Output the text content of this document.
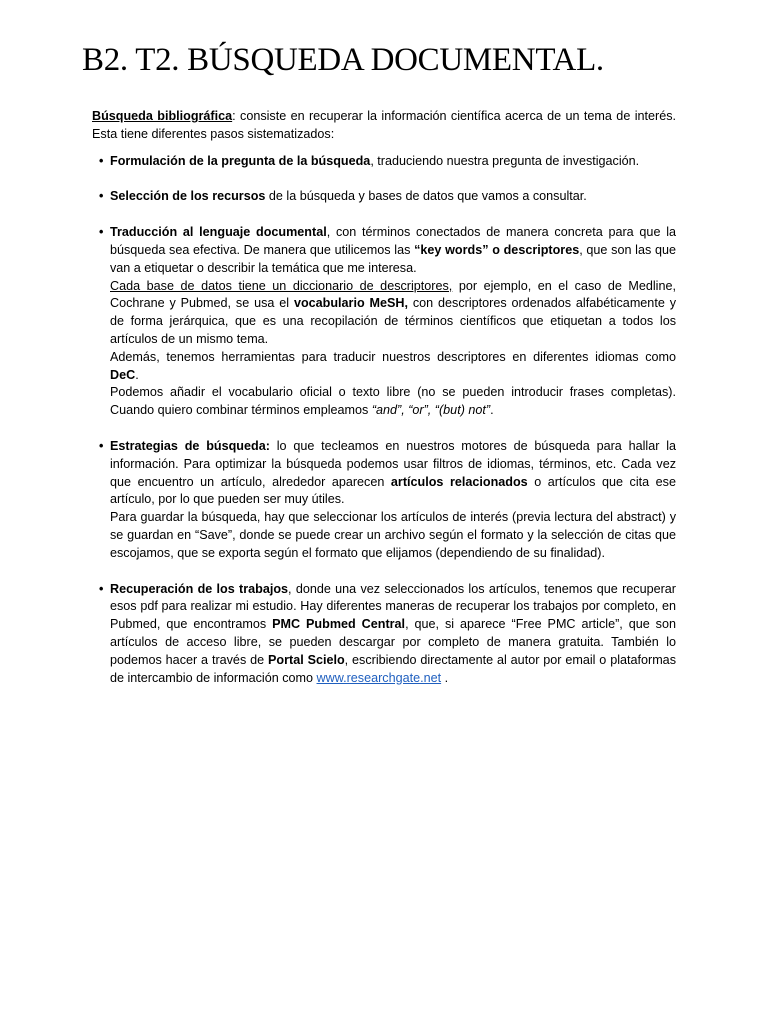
B2. T2. BÚSQUEDA DOCUMENTAL.

Búsqueda bibliográfica: consiste en recuperar la información científica acerca de un tema de interés. Esta tiene diferentes pasos sistematizados:

• Formulación de la pregunta de la búsqueda, traduciendo nuestra pregunta de investigación.

• Selección de los recursos de la búsqueda y bases de datos que vamos a consultar.

• Traducción al lenguaje documental, con términos conectados de manera concreta para que la búsqueda sea efectiva. De manera que utilicemos las “key words” o descriptores, que son las que van a etiquetar o describir la temática que me interesa.

Cada base de datos tiene un diccionario de descriptores, por ejemplo, en el caso de Medline, Cochrane y Pubmed, se usa el vocabulario MeSH, con descriptores ordenados alfabéticamente y de forma jerárquica, que es una recopilación de términos científicos que etiquetan a todos los artículos de un mismo tema.

Además, tenemos herramientas para traducir nuestros descriptores en diferentes idiomas como DeC.

Podemos añadir el vocabulario oficial o texto libre (no se pueden introducir frases completas). Cuando quiero combinar términos empleamos “and”, “or”, “(but) not”.

• Estrategias de búsqueda: lo que tecleamos en nuestros motores de búsqueda para hallar la información. Para optimizar la búsqueda podemos usar filtros de idiomas, términos, etc. Cada vez que encuentro un artículo, alrededor aparecen artículos relacionados o artículos que cita ese artículo, por lo que pueden ser muy útiles.

Para guardar la búsqueda, hay que seleccionar los artículos de interés (previa lectura del abstract) y se guardan en “Save”, donde se puede crear un archivo según el formato y la selección de citas que escojamos, que se exporta según el formato que elijamos (dependiendo de su finalidad).

• Recuperación de los trabajos, donde una vez seleccionados los artículos, tenemos que recuperar esos pdf para realizar mi estudio. Hay diferentes maneras de recuperar los trabajos por completo, en Pubmed, que encontramos PMC Pubmed Central, que, si aparece “Free PMC article”, que son artículos de acceso libre, se pueden descargar por completo de manera gratuita. También lo podemos hacer a través de Portal Scielo, escribiendo directamente al autor por email o plataformas de intercambio de información como www.researchgate.net .
